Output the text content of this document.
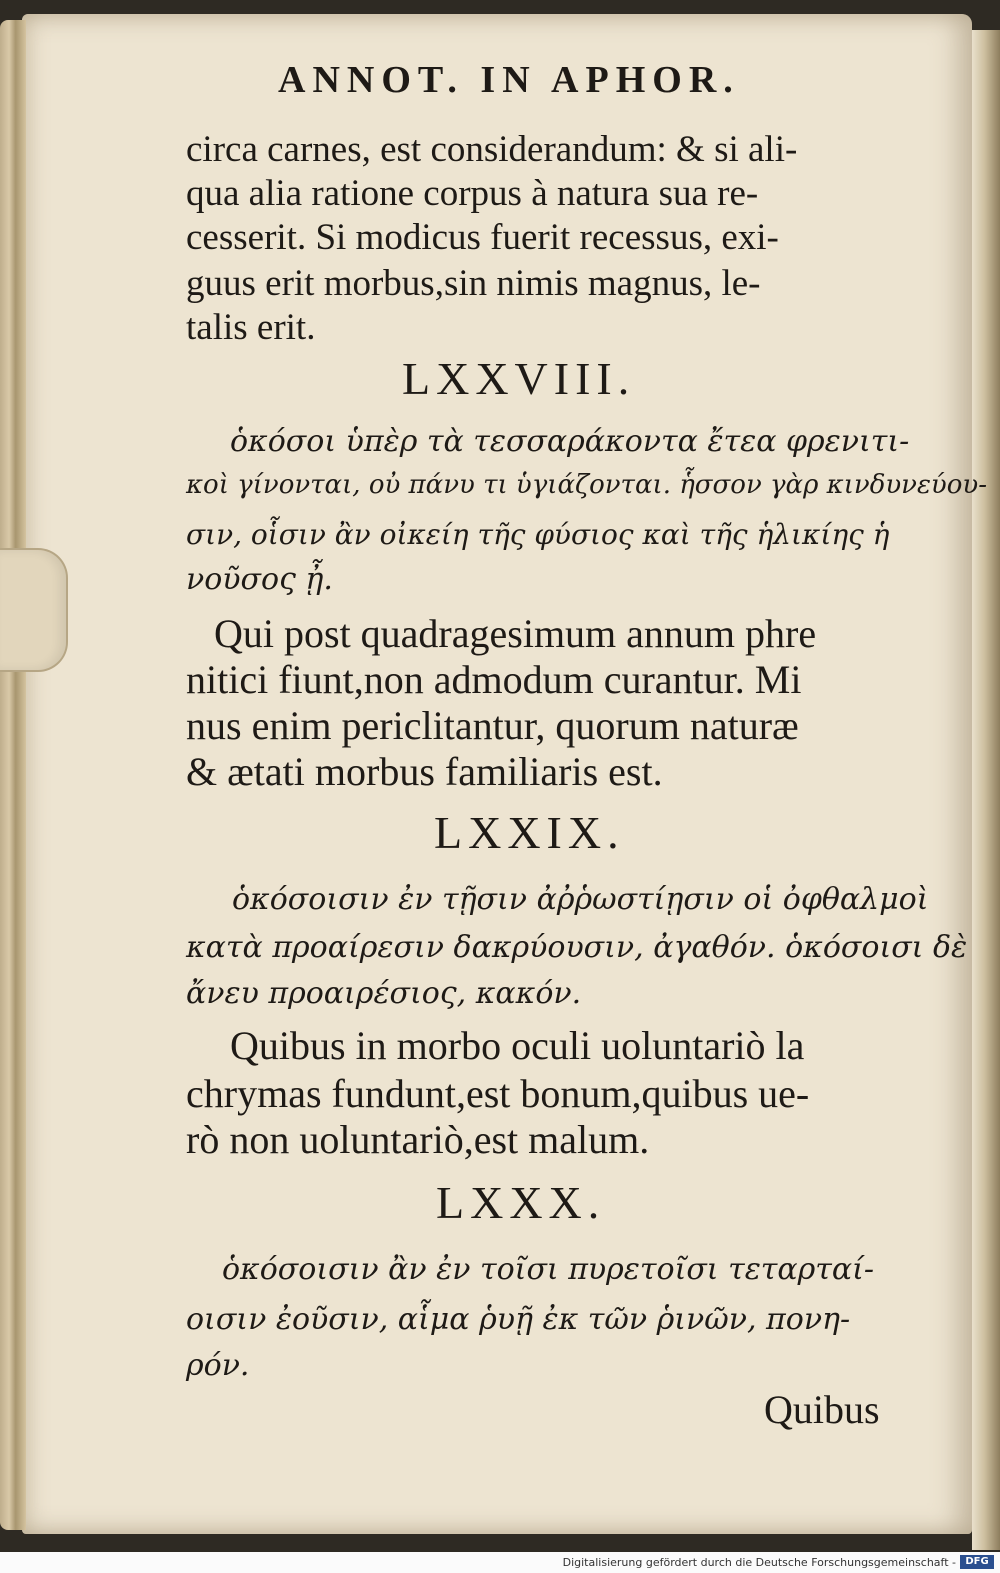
ANNOT. IN APHOR.
circa carnes, est considerandum: & si ali-
qua alia ratione corpus à natura sua re-
cesserit. Si modicus fuerit recessus, exi-
guus erit morbus,sin nimis magnus, le-
talis erit.
LXXVIII.
ὁκόσοι ὑπὲρ τὰ τεσσαράκοντα ἔτεα φρενιτι-
κοὶ γίνονται, οὐ πάνυ τι ὑγιάζονται. ἧσσον γὰρ κινδυνεύου-
σιν, οἷσιν ἂν οἰκείη τῆς φύσιος καὶ τῆς ἡλικίης ἡ
νοῦσος ᾖ.
Qui post quadragesimum annum phre
nitici fiunt,non admodum curantur. Mi
nus enim periclitantur, quorum naturæ
& ætati morbus familiaris est.
LXXIX.
ὁκόσοισιν ἐν τῇσιν ἀῤῥωστίῃσιν οἱ ὀφθαλμοὶ
κατὰ προαίρεσιν δακρύουσιν, ἀγαθόν. ὁκόσοισι δὲ
ἄνευ προαιρέσιος, κακόν.
Quibus in morbo oculi uoluntariò la
chrymas fundunt,est bonum,quibus ue-
rò non uoluntariò,est malum.
LXXX.
ὁκόσοισιν ἂν ἐν τοῖσι πυρετοῖσι τεταρταί-
οισιν ἐοῦσιν, αἷμα ῥυῇ ἐκ τῶν ῥινῶν, πονη-
ρόν.
Quibus
Digitalisierung gefördert durch die Deutsche Forschungsgemeinschaft - DFG
